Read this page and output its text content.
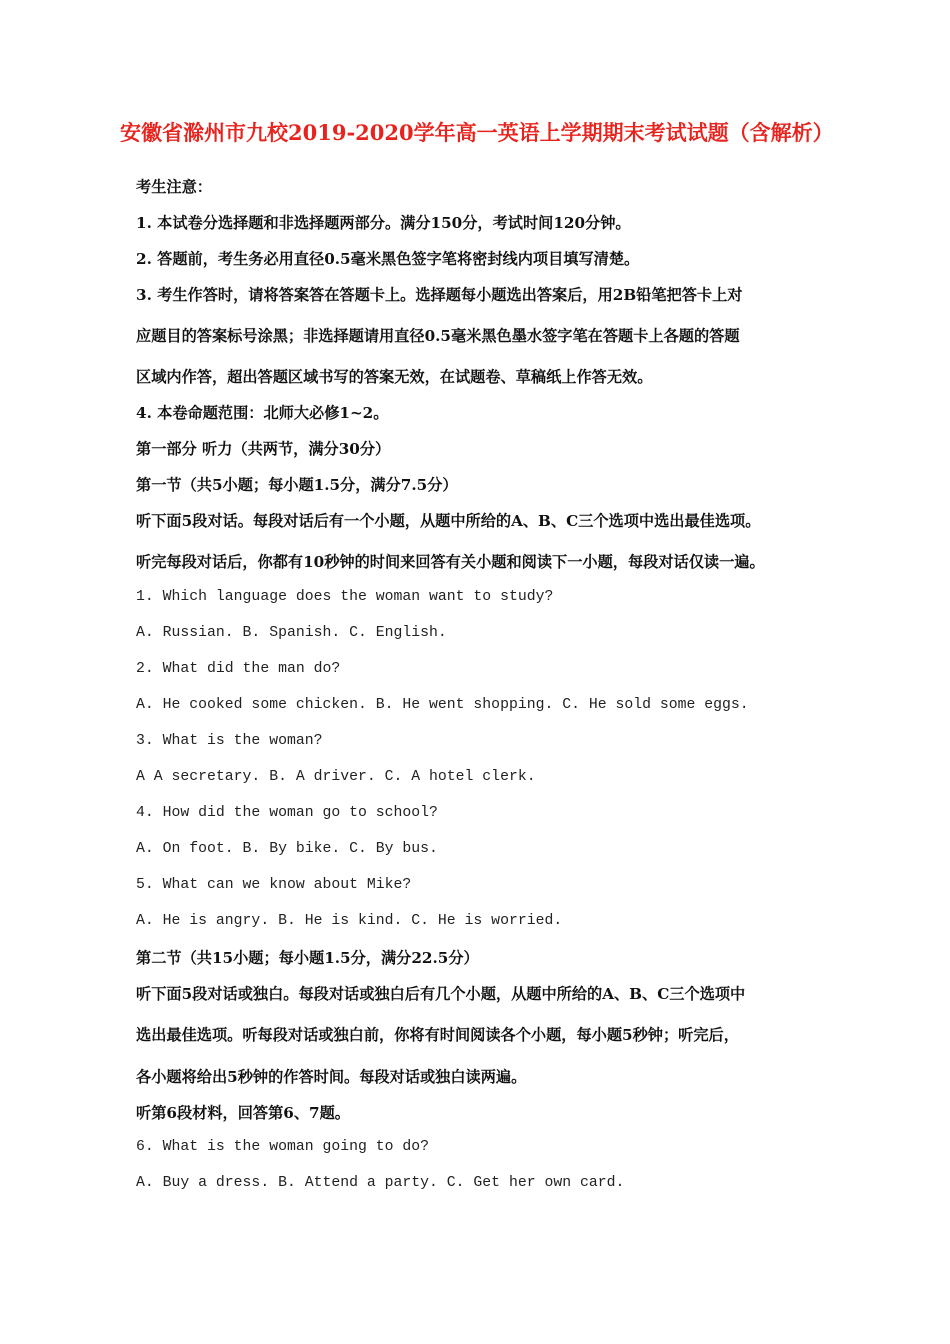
安徽省滁州市九校2019-2020学年高一英语上学期期末考试试题（含解析）
考生注意：
1. 本试卷分选择题和非选择题两部分。满分150分，考试时间120分钟。
2. 答题前，考生务必用直径0.5毫米黑色签字笔将密封线内项目填写清楚。
3. 考生作答时，请将答案答在答题卡上。选择题每小题选出答案后，用2B铅笔把答卡上对
应题目的答案标号涂黑；非选择题请用直径0.5毫米黑色墨水签字笔在答题卡上各题的答题
区域内作答，超出答题区域书写的答案无效，在试题卷、草稿纸上作答无效。
4. 本卷命题范围：北师大必修1~2。
第一部分 听力（共两节，满分30分）
第一节（共5小题；每小题1.5分，满分7.5分）
听下面5段对话。每段对话后有一个小题，从题中所给的A、B、C三个选项中选出最佳选项。
听完每段对话后，你都有10秒钟的时间来回答有关小题和阅读下一小题，每段对话仅读一遍。
1. Which language does the woman want to study?
A. Russian. B. Spanish. C. English.
2. What did the man do?
A. He cooked some chicken. B. He went shopping. C. He sold some eggs.
3. What is the woman?
A A secretary. B. A driver. C. A hotel clerk.
4. How did the woman go to school?
A. On foot. B. By bike. C. By bus.
5. What can we know about Mike?
A. He is angry. B. He is kind. C. He is worried.
第二节（共15小题；每小题1.5分，满分22.5分）
听下面5段对话或独白。每段对话或独白后有几个小题，从题中所给的A、B、C三个选项中
选出最佳选项。听每段对话或独白前，你将有时间阅读各个小题，每小题5秒钟；听完后，
各小题将给出5秒钟的作答时间。每段对话或独白读两遍。
听第6段材料，回答第6、7题。
6. What is the woman going to do?
A. Buy a dress. B. Attend a party. C. Get her own card.
